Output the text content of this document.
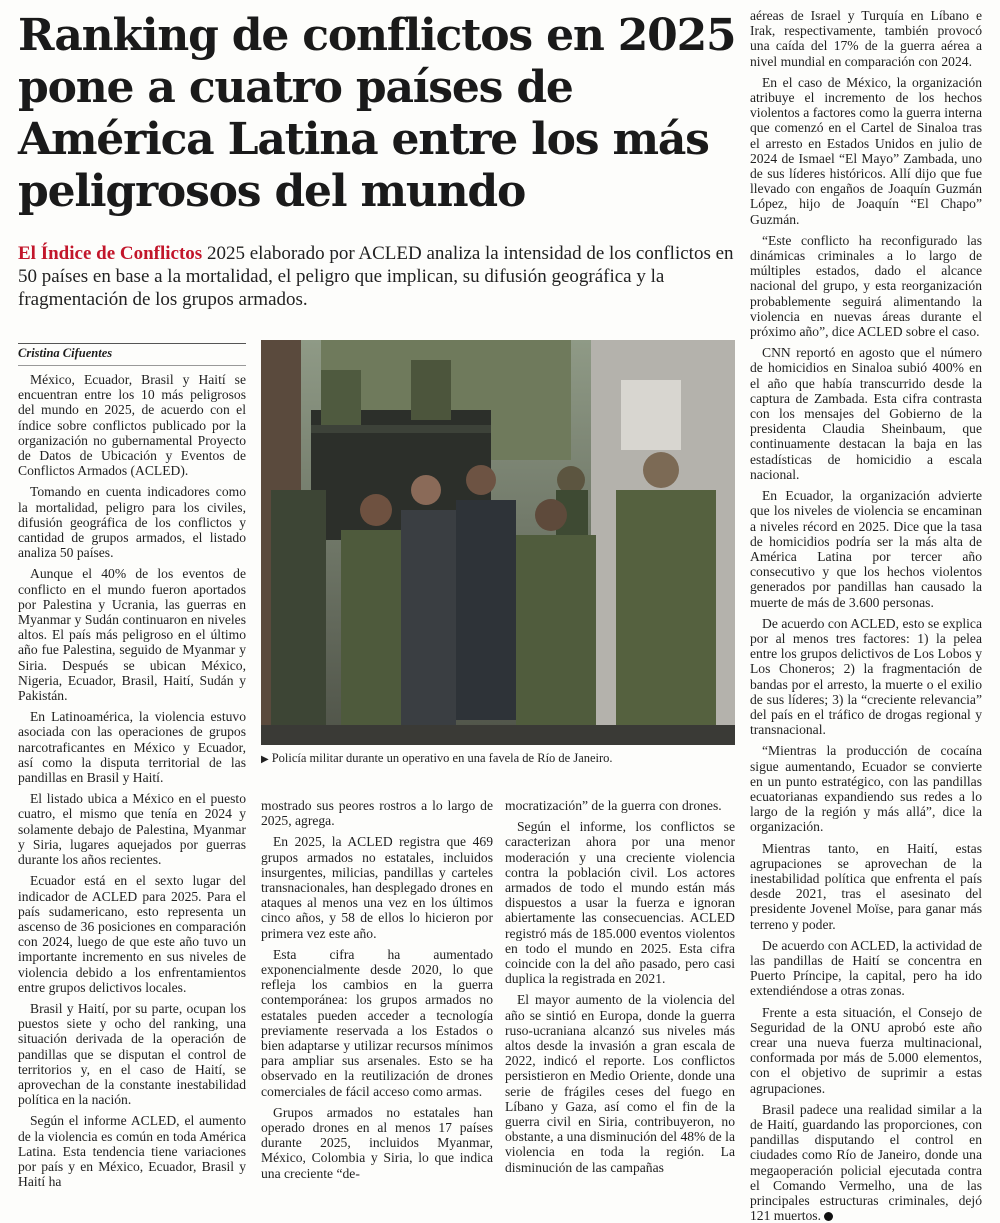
Ranking de conflictos en 2025 pone a cuatro países de América Latina entre los más peligrosos del mundo

El Índice de Conflictos 2025 elaborado por ACLED analiza la intensidad de los conflictos en 50 países en base a la mortalidad, el peligro que implican, su difusión geográfica y la fragmentación de los grupos armados.

Cristina Cifuentes

México, Ecuador, Brasil y Haití se encuentran entre los 10 más peligrosos del mundo en 2025, de acuerdo con el índice sobre conflictos publicado por la organización no gubernamental Proyecto de Datos de Ubicación y Eventos de Conflictos Armados (ACLED).

Tomando en cuenta indicadores como la mortalidad, peligro para los civiles, difusión geográfica de los conflictos y cantidad de grupos armados, el listado analiza 50 países.

Aunque el 40% de los eventos de conflicto en el mundo fueron aportados por Palestina y Ucrania, las guerras en Myanmar y Sudán continuaron en niveles altos. El país más peligroso en el último año fue Palestina, seguido de Myanmar y Siria. Después se ubican México, Nigeria, Ecuador, Brasil, Haití, Sudán y Pakistán.

En Latinoamérica, la violencia estuvo asociada con las operaciones de grupos narcotraficantes en México y Ecuador, así como la disputa territorial de las pandillas en Brasil y Haití.

El listado ubica a México en el puesto cuatro, el mismo que tenía en 2024 y solamente debajo de Palestina, Myanmar y Siria, lugares aquejados por guerras durante los años recientes.

Ecuador está en el sexto lugar del indicador de ACLED para 2025. Para el país sudamericano, esto representa un ascenso de 36 posiciones en comparación con 2024, luego de que este año tuvo un importante incremento en sus niveles de violencia debido a los enfrentamientos entre grupos delictivos locales.

Brasil y Haití, por su parte, ocupan los puestos siete y ocho del ranking, una situación derivada de la operación de pandillas que se disputan el control de territorios y, en el caso de Haití, se aprovechan de la constante inestabilidad política en la nación.

Según el informe ACLED, el aumento de la violencia es común en toda América Latina. Esta tendencia tiene variaciones por país y en México, Ecuador, Brasil y Haití ha

▶ Policía militar durante un operativo en una favela de Río de Janeiro.

mostrado sus peores rostros a lo largo de 2025, agrega.

En 2025, la ACLED registra que 469 grupos armados no estatales, incluidos insurgentes, milicias, pandillas y carteles transnacionales, han desplegado drones en ataques al menos una vez en los últimos cinco años, y 58 de ellos lo hicieron por primera vez este año.

Esta cifra ha aumentado exponencialmente desde 2020, lo que refleja los cambios en la guerra contemporánea: los grupos armados no estatales pueden acceder a tecnología previamente reservada a los Estados o bien adaptarse y utilizar recursos mínimos para ampliar sus arsenales. Esto se ha observado en la reutilización de drones comerciales de fácil acceso como armas.

Grupos armados no estatales han operado drones en al menos 17 países durante 2025, incluidos Myanmar, México, Colombia y Siria, lo que indica una creciente “de-

mocratización” de la guerra con drones.

Según el informe, los conflictos se caracterizan ahora por una menor moderación y una creciente violencia contra la población civil. Los actores armados de todo el mundo están más dispuestos a usar la fuerza e ignoran abiertamente las consecuencias. ACLED registró más de 185.000 eventos violentos en todo el mundo en 2025. Esta cifra coincide con la del año pasado, pero casi duplica la registrada en 2021.

El mayor aumento de la violencia del año se sintió en Europa, donde la guerra ruso-ucraniana alcanzó sus niveles más altos desde la invasión a gran escala de 2022, indicó el reporte. Los conflictos persistieron en Medio Oriente, donde una serie de frágiles ceses del fuego en Líbano y Gaza, así como el fin de la guerra civil en Siria, contribuyeron, no obstante, a una disminución del 48% de la violencia en toda la región. La disminución de las campañas

aéreas de Israel y Turquía en Líbano e Irak, respectivamente, también provocó una caída del 17% de la guerra aérea a nivel mundial en comparación con 2024.

En el caso de México, la organización atribuye el incremento de los hechos violentos a factores como la guerra interna que comenzó en el Cartel de Sinaloa tras el arresto en Estados Unidos en julio de 2024 de Ismael “El Mayo” Zambada, uno de sus líderes históricos. Allí dijo que fue llevado con engaños de Joaquín Guzmán López, hijo de Joaquín “El Chapo” Guzmán.

“Este conflicto ha reconfigurado las dinámicas criminales a lo largo de múltiples estados, dado el alcance nacional del grupo, y esta reorganización probablemente seguirá alimentando la violencia en nuevas áreas durante el próximo año”, dice ACLED sobre el caso.

CNN reportó en agosto que el número de homicidios en Sinaloa subió 400% en el año que había transcurrido desde la captura de Zambada. Esta cifra contrasta con los mensajes del Gobierno de la presidenta Claudia Sheinbaum, que continuamente destacan la baja en las estadísticas de homicidio a escala nacional.

En Ecuador, la organización advierte que los niveles de violencia se encaminan a niveles récord en 2025. Dice que la tasa de homicidios podría ser la más alta de América Latina por tercer año consecutivo y que los hechos violentos generados por pandillas han causado la muerte de más de 3.600 personas.

De acuerdo con ACLED, esto se explica por al menos tres factores: 1) la pelea entre los grupos delictivos de Los Lobos y Los Choneros; 2) la fragmentación de bandas por el arresto, la muerte o el exilio de sus líderes; 3) la “creciente relevancia” del país en el tráfico de drogas regional y transnacional.

“Mientras la producción de cocaína sigue aumentando, Ecuador se convierte en un punto estratégico, con las pandillas ecuatorianas expandiendo sus redes a lo largo de la región y más allá”, dice la organización.

Mientras tanto, en Haití, estas agrupaciones se aprovechan de la inestabilidad política que enfrenta el país desde 2021, tras el asesinato del presidente Jovenel Moïse, para ganar más terreno y poder.

De acuerdo con ACLED, la actividad de las pandillas de Haití se concentra en Puerto Príncipe, la capital, pero ha ido extendiéndose a otras zonas.

Frente a esta situación, el Consejo de Seguridad de la ONU aprobó este año crear una nueva fuerza multinacional, conformada por más de 5.000 elementos, con el objetivo de suprimir a estas agrupaciones.

Brasil padece una realidad similar a la de Haití, guardando las proporciones, con pandillas disputando el control en ciudades como Río de Janeiro, donde una megaoperación policial ejecutada contra el Comando Vermelho, una de las principales estructuras criminales, dejó 121 muertos.
